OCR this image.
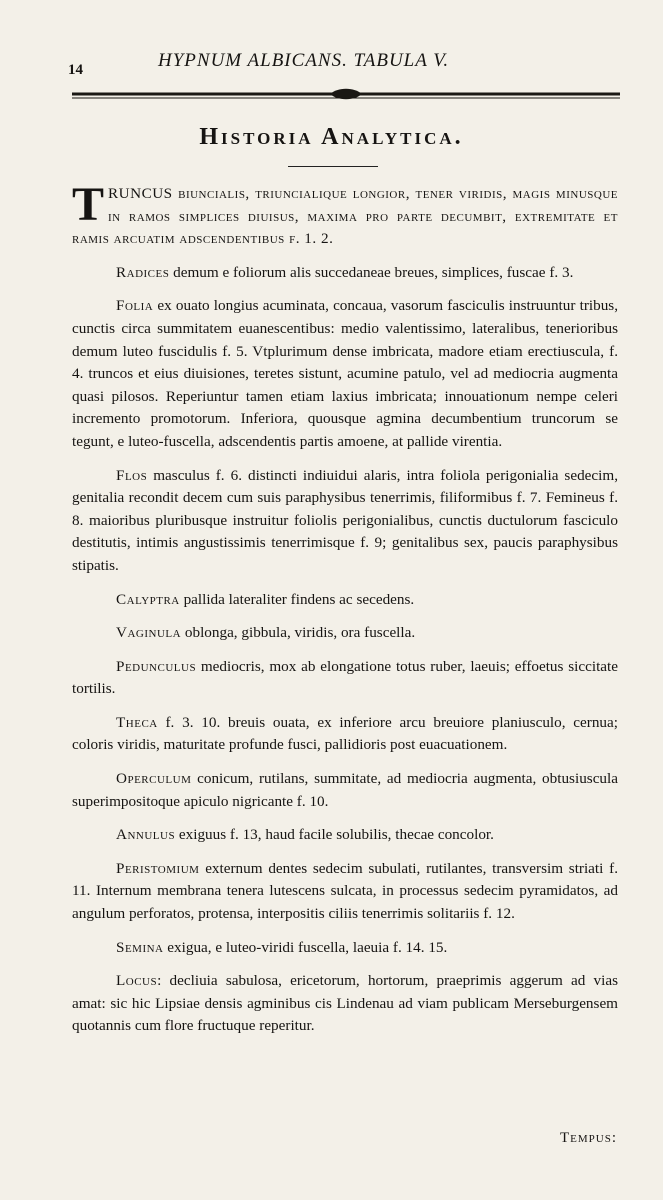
14	HYPNUM ALBICANS. TABULA V.
Historia Analytica.

TRUNCUS biuncialis, triuncialique longior, tener viridis, magis minusque in ramos simplices diuisus, maxima pro parte decumbit, extremitate et ramis arcuatim adscendentibus f. 1. 2.

Radices demum e foliorum alis succedaneae breues, simplices, fuscae f. 3.

Folia ex ouato longius acuminata, concaua, vasorum fasciculis instruuntur tribus, cunctis circa summitatem euanescentibus: medio valentissimo, lateralibus, tenerioribus demum luteo fuscidulis f. 5. Vtplurimum dense imbricata, madore etiam erectiuscula, f. 4. truncos et eius diuisiones, teretes sistunt, acumine patulo, vel ad mediocria augmenta quasi pilosos. Reperiuntur tamen etiam laxius imbricata; innouationum nempe celeri incremento promotorum. Inferiora, quousque agmina decumbentium truncorum se tegunt, e luteo-fuscella, adscendentis partis amoene, at pallide virentia.

Flos masculus f. 6. distincti indiuidui alaris, intra foliola perigonialia sedecim, genitalia recondit decem cum suis paraphysibus tenerrimis, filiformibus f. 7. Femineus f. 8. maioribus pluribusque instruitur foliolis perigonialibus, cunctis ductulorum fasciculo destitutis, intimis angustissimis tenerrimisque f. 9; genitalibus sex, paucis paraphysibus stipatis.

Calyptra pallida lateraliter findens ac secedens.

Vaginula oblonga, gibbula, viridis, ora fuscella.

Pedunculus mediocris, mox ab elongatione totus ruber, laeuis; effoetus siccitate tortilis.

Theca f. 3. 10. breuis ouata, ex inferiore arcu breuiore planiusculo, cernua; coloris viridis, maturitate profunde fusci, pallidioris post euacuationem.

Operculum conicum, rutilans, summitate, ad mediocria augmenta, obtusiuscula superimpositoque apiculo nigricante f. 10.

Annulus exiguus f. 13, haud facile solubilis, thecae concolor.

Peristomium externum dentes sedecim subulati, rutilantes, transversim striati f. 11. Internum membrana tenera lutescens sulcata, in processus sedecim pyramidatos, ad angulum perforatos, protensa, interpositis ciliis tenerrimis solitariis f. 12.

Semina exigua, e luteo-viridi fuscella, laeuia f. 14. 15.

Locus: decliuia sabulosa, ericetorum, hortorum, praeprimis aggerum ad vias amat: sic hic Lipsiae densis agminibus cis Lindenau ad viam publicam Merseburgensem quotannis cum flore fructuque reperitur.

Tempus:
